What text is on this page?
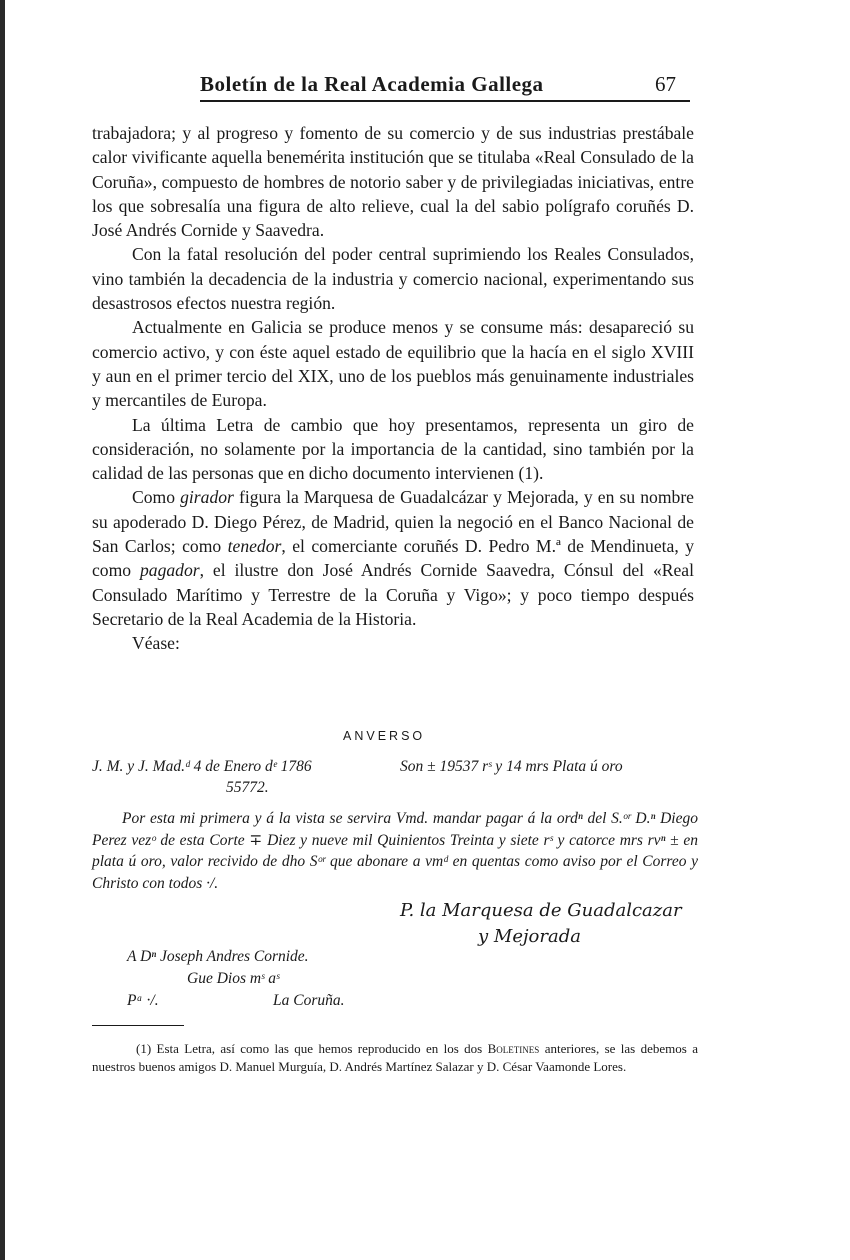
Boletín de la Real Academia Gallega	67

trabajadora; y al progreso y fomento de su comercio y de sus industrias prestábale calor vivificante aquella benemérita institución que se titulaba «Real Consulado de la Coruña», compuesto de hombres de notorio saber y de privilegiadas iniciativas, entre los que sobresalía una figura de alto relieve, cual la del sabio polígrafo coruñés D. José Andrés Cornide y Saavedra.

Con la fatal resolución del poder central suprimiendo los Reales Consulados, vino también la decadencia de la industria y comercio nacional, experimentando sus desastrosos efectos nuestra región.

Actualmente en Galicia se produce menos y se consume más: desapareció su comercio activo, y con éste aquel estado de equilibrio que la hacía en el siglo XVIII y aun en el primer tercio del XIX, uno de los pueblos más genuinamente industriales y mercantiles de Europa.

La última Letra de cambio que hoy presentamos, representa un giro de consideración, no solamente por la importancia de la cantidad, sino también por la calidad de las personas que en dicho documento intervienen (1).

Como girador figura la Marquesa de Guadalcázar y Mejorada, y en su nombre su apoderado D. Diego Pérez, de Madrid, quien la negoció en el Banco Nacional de San Carlos; como tenedor, el comerciante coruñés D. Pedro M.ª de Mendinueta, y como pagador, el ilustre don José Andrés Cornide Saavedra, Cónsul del «Real Consulado Marítimo y Terrestre de la Coruña y Vigo»; y poco tiempo después Secretario de la Real Academia de la Historia.

Véase:

ANVERSO
J. M. y J. Mad.ᵈ 4 de Enero dᵉ 1786	Son ± 19537 rˢ y 14 mrs Plata ú oro
55772.
Por esta mi primera y á la vista se servira Vmd. mandar pagar á la ordⁿ del S.ᵒʳ D.ⁿ Diego Perez vezᵒ de esta Corte ∓ Diez y nueve mil Quinientos Treinta y siete rˢ y catorce mrs rvⁿ ± en plata ú oro, valor recivido de dho Sᵒʳ que abonare a vmᵈ en quentas como aviso por el Correo y Christo con todos ·/.
P. la Marquesa de Guadalcazar
y Mejorada
A Dⁿ Joseph Andres Cornide.
Gue Dios mˢ aˢ
Pᵃ ·/.	La Coruña.

(1) Esta Letra, así como las que hemos reproducido en los dos Boletines anteriores, se las debemos a nuestros buenos amigos D. Manuel Murguía, D. Andrés Martínez Salazar y D. César Vaamonde Lores.
